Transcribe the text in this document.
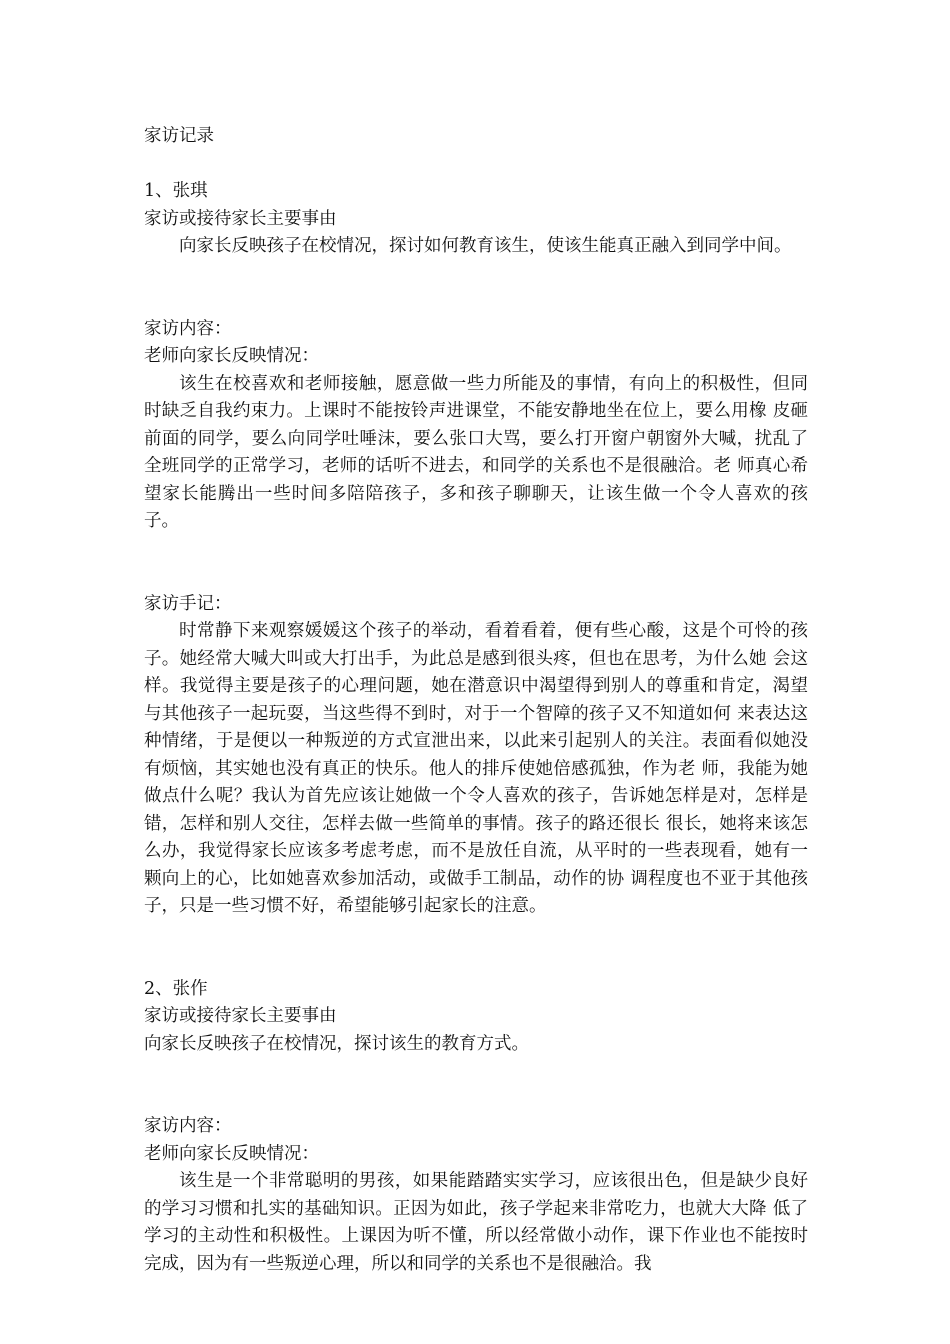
家访记录

1、张琪

家访或接待家长主要事由

向家长反映孩子在校情况，探讨如何教育该生，使该生能真正融入到同学中间。

家访内容：

老师向家长反映情况：

该生在校喜欢和老师接触，愿意做一些力所能及的事情，有向上的积极性，但同时缺乏自我约束力。上课时不能按铃声进课堂，不能安静地坐在位上，要么用橡 皮砸前面的同学，要么向同学吐唾沫，要么张口大骂，要么打开窗户朝窗外大喊，扰乱了全班同学的正常学习，老师的话听不进去，和同学的关系也不是很融洽。老 师真心希望家长能腾出一些时间多陪陪孩子，多和孩子聊聊天，让该生做一个令人喜欢的孩子。

家访手记：

时常静下来观察媛媛这个孩子的举动，看着看着，便有些心酸，这是个可怜的孩子。她经常大喊大叫或大打出手，为此总是感到很头疼，但也在思考，为什么她 会这样。我觉得主要是孩子的心理问题，她在潜意识中渴望得到别人的尊重和肯定，渴望与其他孩子一起玩耍，当这些得不到时，对于一个智障的孩子又不知道如何 来表达这种情绪，于是便以一种叛逆的方式宣泄出来，以此来引起别人的关注。表面看似她没有烦恼，其实她也没有真正的快乐。他人的排斥使她倍感孤独，作为老 师，我能为她做点什么呢？我认为首先应该让她做一个令人喜欢的孩子，告诉她怎样是对，怎样是错，怎样和别人交往，怎样去做一些简单的事情。孩子的路还很长 很长，她将来该怎么办，我觉得家长应该多考虑考虑，而不是放任自流，从平时的一些表现看，她有一颗向上的心，比如她喜欢参加活动，或做手工制品，动作的协 调程度也不亚于其他孩子，只是一些习惯不好，希望能够引起家长的注意。

2、张作

家访或接待家长主要事由

向家长反映孩子在校情况，探讨该生的教育方式。

家访内容：

老师向家长反映情况：

该生是一个非常聪明的男孩，如果能踏踏实实学习，应该很出色，但是缺少良好的学习习惯和扎实的基础知识。正因为如此，孩子学起来非常吃力，也就大大降 低了学习的主动性和积极性。上课因为听不懂，所以经常做小动作，课下作业也不能按时完成，因为有一些叛逆心理，所以和同学的关系也不是很融洽。我
